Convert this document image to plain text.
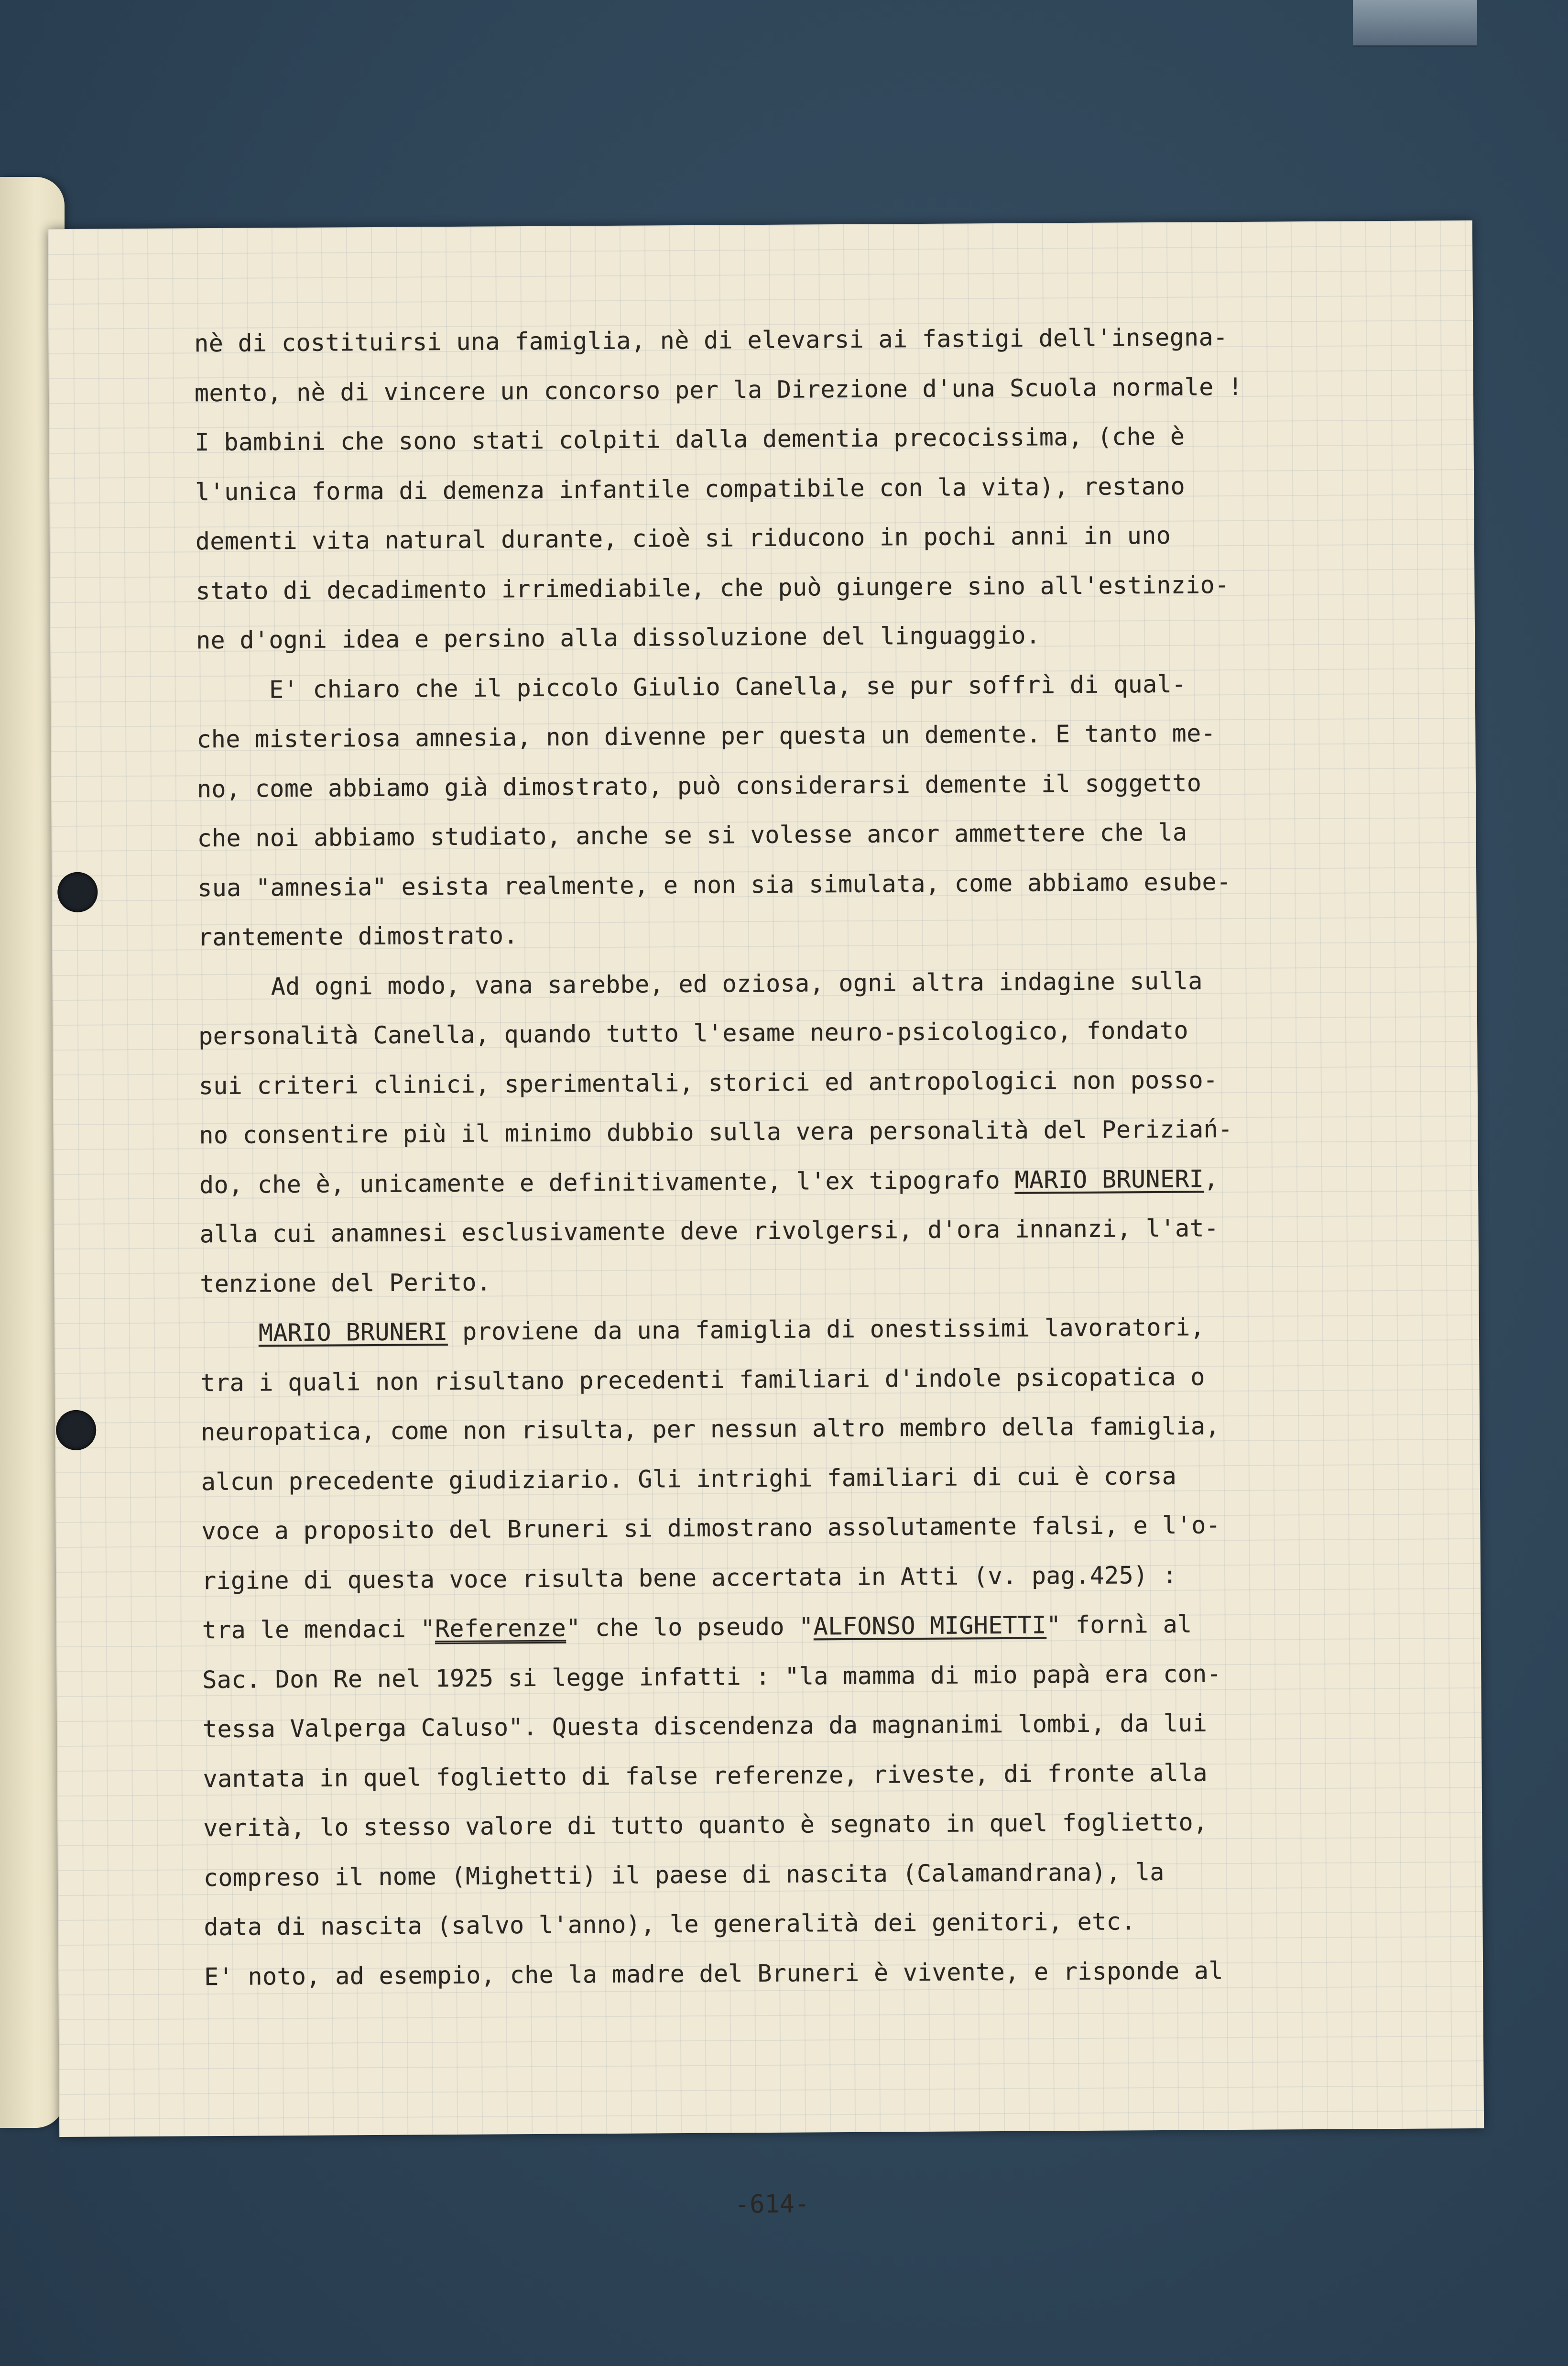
nè di costituirsi una famiglia, nè di elevarsi ai fastigi dell'insegna-
mento, nè di vincere un concorso per la Direzione d'una Scuola normale !
I bambini che sono stati colpiti dalla dementia precocissima, (che è
l'unica forma di demenza infantile compatibile con la vita), restano
dementi vita natural durante, cioè si riducono in pochi anni in uno
stato di decadimento irrimediabile, che può giungere sino all'estinzio-
ne d'ogni idea e persino alla dissoluzione del linguaggio.
E' chiaro che il piccolo Giulio Canella, se pur soffrì di qual-
che misteriosa amnesia, non divenne per questa un demente. E tanto me-
no, come abbiamo già dimostrato, può considerarsi demente il soggetto
che noi abbiamo studiato, anche se si volesse ancor ammettere che la
sua "amnesia" esista realmente, e non sia simulata, come abbiamo esube-
rantemente dimostrato.
Ad ogni modo, vana sarebbe, ed oziosa, ogni altra indagine sulla
personalità Canella, quando tutto l'esame neuro-psicologico, fondato
sui criteri clinici, sperimentali, storici ed antropologici non posso-
no consentire più il minimo dubbio sulla vera personalità del Periziań-
do, che è, unicamente e definitivamente, l'ex tipografo MARIO BRUNERI,
alla cui anamnesi esclusivamente deve rivolgersi, d'ora innanzi, l'at-
tenzione del Perito.
MARIO BRUNERI proviene da una famiglia di onestissimi lavoratori,
tra i quali non risultano precedenti familiari d'indole psicopatica o
neuropatica, come non risulta, per nessun altro membro della famiglia,
alcun precedente giudiziario. Gli intrighi familiari di cui è corsa
voce a proposito del Bruneri si dimostrano assolutamente falsi, e l'o-
rigine di questa voce risulta bene accertata in Atti (v. pag.425) :
tra le mendaci "Referenze" che lo pseudo "ALFONSO MIGHETTI" fornì al
Sac. Don Re nel 1925 si legge infatti : "la mamma di mio papà era con-
tessa Valperga Caluso". Questa discendenza da magnanimi lombi, da lui
vantata in quel foglietto di false referenze, riveste, di fronte alla
verità, lo stesso valore di tutto quanto è segnato in quel foglietto,
compreso il nome (Mighetti) il paese di nascita (Calamandrana), la
data di nascita (salvo l'anno), le generalità dei genitori, etc.
E' noto, ad esempio, che la madre del Bruneri è vivente, e risponde al
-614-
